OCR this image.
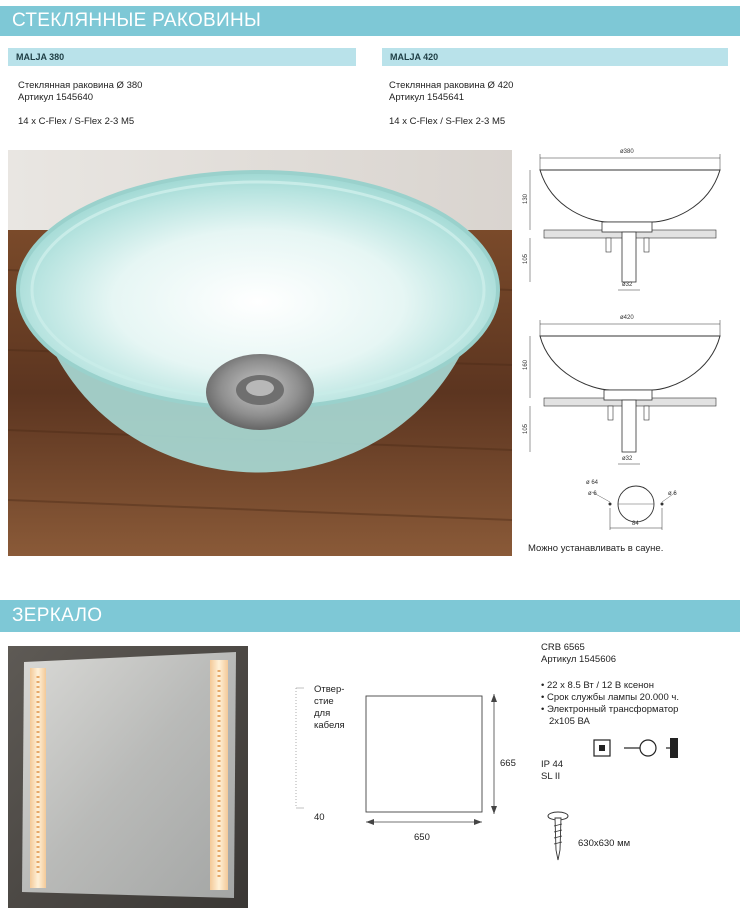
СТЕКЛЯННЫЕ РАКОВИНЫ
MALJA 380	MALJA 420
Стеклянная раковина Ø 380
Артикул 1545640
14 x C-Flex / S-Flex 2-3 M5
Стеклянная раковина Ø 420
Артикул 1545641
14 x C-Flex / S-Flex 2-3 M5
ø380
130
105
ø32
ø420
160
105
ø32
ø 64
ø 6	ø 6
84
Можно устанавливать в сауне.
ЗЕРКАЛО
Отвер-
стие
для
кабеля
40
665
650
CRB 6565
Артикул 1545606
• 22 x 8.5 Вт / 12 В ксенон
• Срок службы лампы 20.000 ч.
• Электронный трансформатор
2x105 ВА
IP 44
SL II
630x630 мм
